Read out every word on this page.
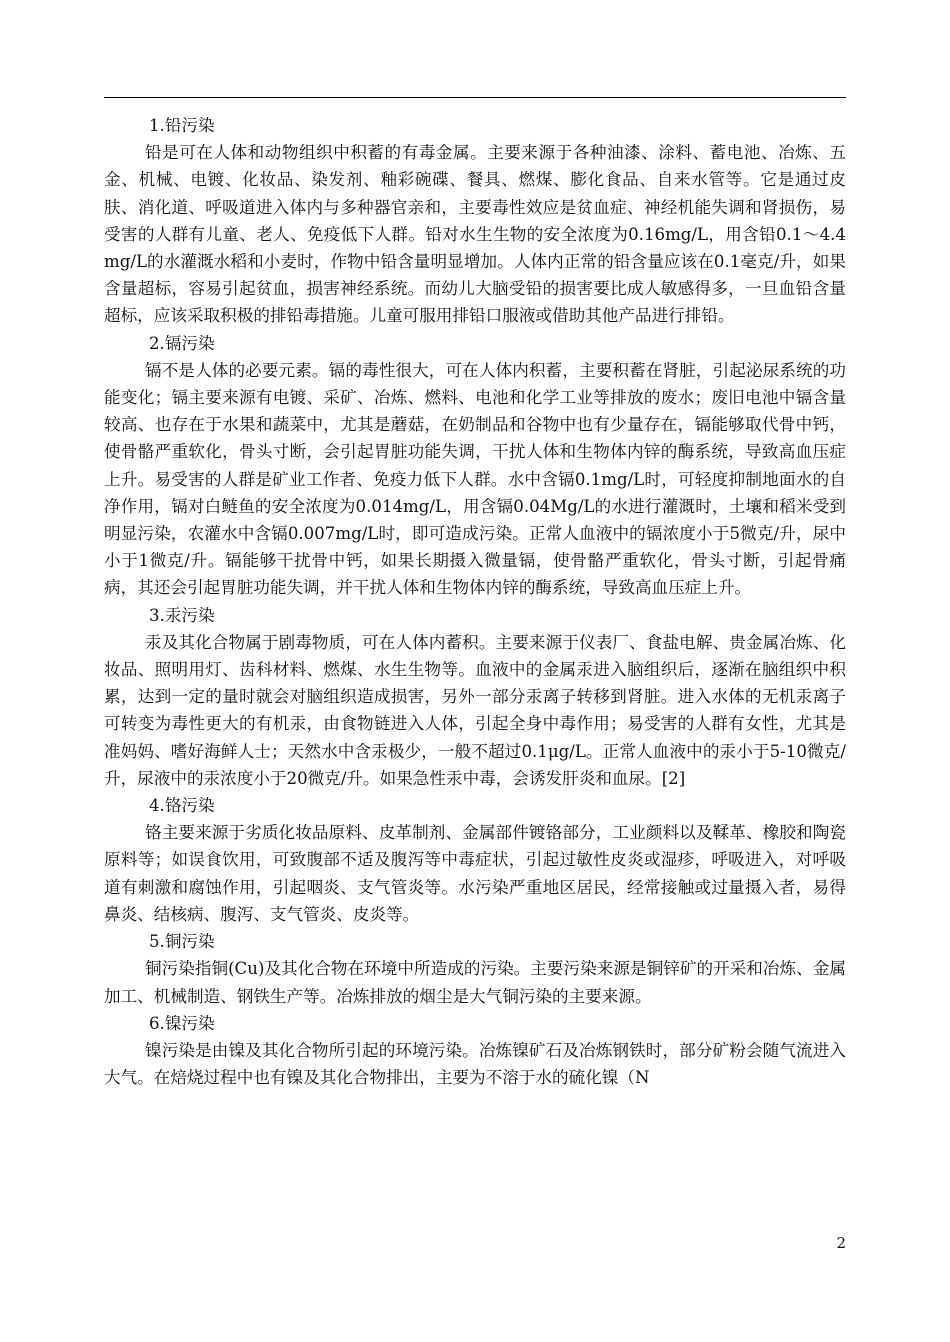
1.铅污染

铅是可在人体和动物组织中积蓄的有毒金属。主要来源于各种油漆、涂料、蓄电池、冶炼、五金、机械、电镀、化妆品、染发剂、釉彩碗碟、餐具、燃煤、膨化食品、自来水管等。它是通过皮肤、消化道、呼吸道进入体内与多种器官亲和，主要毒性效应是贫血症、神经机能失调和肾损伤，易受害的人群有儿童、老人、免疫低下人群。铅对水生生物的安全浓度为0.16mg/L，用含铅0.1～4.4mg/L的水灌溉水稻和小麦时，作物中铅含量明显增加。人体内正常的铅含量应该在0.1毫克/升，如果含量超标，容易引起贫血，损害神经系统。而幼儿大脑受铅的损害要比成人敏感得多，一旦血铅含量超标，应该采取积极的排铅毒措施。儿童可服用排铅口服液或借助其他产品进行排铅。

2.镉污染

镉不是人体的必要元素。镉的毒性很大，可在人体内积蓄，主要积蓄在肾脏，引起泌尿系统的功能变化；镉主要来源有电镀、采矿、冶炼、燃料、电池和化学工业等排放的废水；废旧电池中镉含量较高、也存在于水果和蔬菜中，尤其是蘑菇，在奶制品和谷物中也有少量存在，镉能够取代骨中钙，使骨骼严重软化，骨头寸断，会引起胃脏功能失调，干扰人体和生物体内锌的酶系统，导致高血压症上升。易受害的人群是矿业工作者、免疫力低下人群。水中含镉0.1mg/L时，可轻度抑制地面水的自净作用，镉对白鲢鱼的安全浓度为0.014mg/L，用含镉0.04Mg/L的水进行灌溉时，土壤和稻米受到明显污染，农灌水中含镉0.007mg/L时，即可造成污染。正常人血液中的镉浓度小于5微克/升，尿中小于1微克/升。镉能够干扰骨中钙，如果长期摄入微量镉，使骨骼严重软化，骨头寸断，引起骨痛病，其还会引起胃脏功能失调，并干扰人体和生物体内锌的酶系统，导致高血压症上升。

3.汞污染

汞及其化合物属于剧毒物质，可在人体内蓄积。主要来源于仪表厂、食盐电解、贵金属冶炼、化妆品、照明用灯、齿科材料、燃煤、水生生物等。血液中的金属汞进入脑组织后，逐渐在脑组织中积累，达到一定的量时就会对脑组织造成损害，另外一部分汞离子转移到肾脏。进入水体的无机汞离子可转变为毒性更大的有机汞，由食物链进入人体，引起全身中毒作用；易受害的人群有女性，尤其是准妈妈、嗜好海鲜人士；天然水中含汞极少，一般不超过0.1μg/L。正常人血液中的汞小于5-10微克/升，尿液中的汞浓度小于20微克/升。如果急性汞中毒，会诱发肝炎和血尿。[2]

4.铬污染

铬主要来源于劣质化妆品原料、皮革制剂、金属部件镀铬部分，工业颜料以及鞣革、橡胶和陶瓷原料等；如误食饮用，可致腹部不适及腹泻等中毒症状，引起过敏性皮炎或湿疹，呼吸进入，对呼吸道有刺激和腐蚀作用，引起咽炎、支气管炎等。水污染严重地区居民，经常接触或过量摄入者，易得鼻炎、结核病、腹泻、支气管炎、皮炎等。

5.铜污染

铜污染指铜(Cu)及其化合物在环境中所造成的污染。主要污染来源是铜锌矿的开采和冶炼、金属加工、机械制造、钢铁生产等。冶炼排放的烟尘是大气铜污染的主要来源。

6.镍污染

镍污染是由镍及其化合物所引起的环境污染。冶炼镍矿石及冶炼钢铁时，部分矿粉会随气流进入大气。在焙烧过程中也有镍及其化合物排出，主要为不溶于水的硫化镍（N

2
